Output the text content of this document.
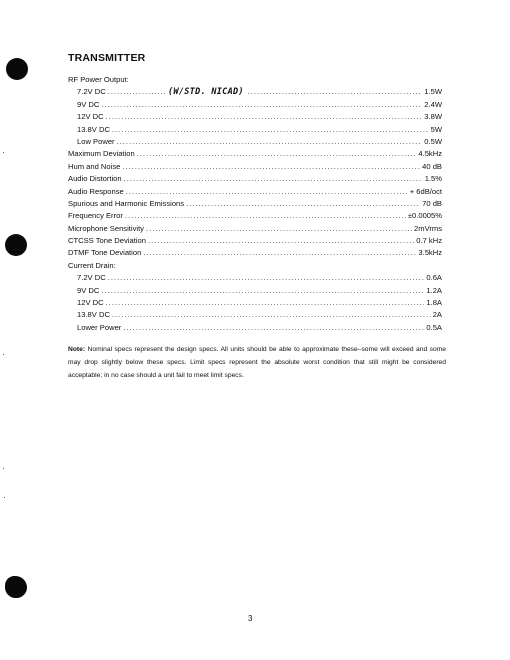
TRANSMITTER
RF Power Output:
(W/STD. NICAD)
7.2V DC .....	1.5W
9V DC .....	2.4W
12V DC .....	3.8W
13.8V DC .....	5W
Low Power .....	0.5W
Maximum Deviation .....	4.5kHz
Hum and Noise .....	40 dB
Audio Distortion .....	1.5%
Audio Response .....	+ 6dB/oct
Spurious and Harmonic Emissions .....	70 dB
Frequency Error .....	±0.0005%
Microphone Sensitivity .....	2mVrms
CTCSS Tone Deviation .....	0.7 kHz
DTMF Tone Deviation .....	3.5kHz
Current Drain:
7.2V DC .....	0.6A
9V DC .....	1.2A
12V DC .....	1.8A
13.8V DC .....	2A
Lower Power .....	0.5A
Note: Nominal specs represent the design specs. All units should be able to approximate these–some will exceed and some may drop slightly below these specs. Limit specs represent the absolute worst condition that still might be considered acceptable; in no case should a unit fail to meet limit specs.
3
